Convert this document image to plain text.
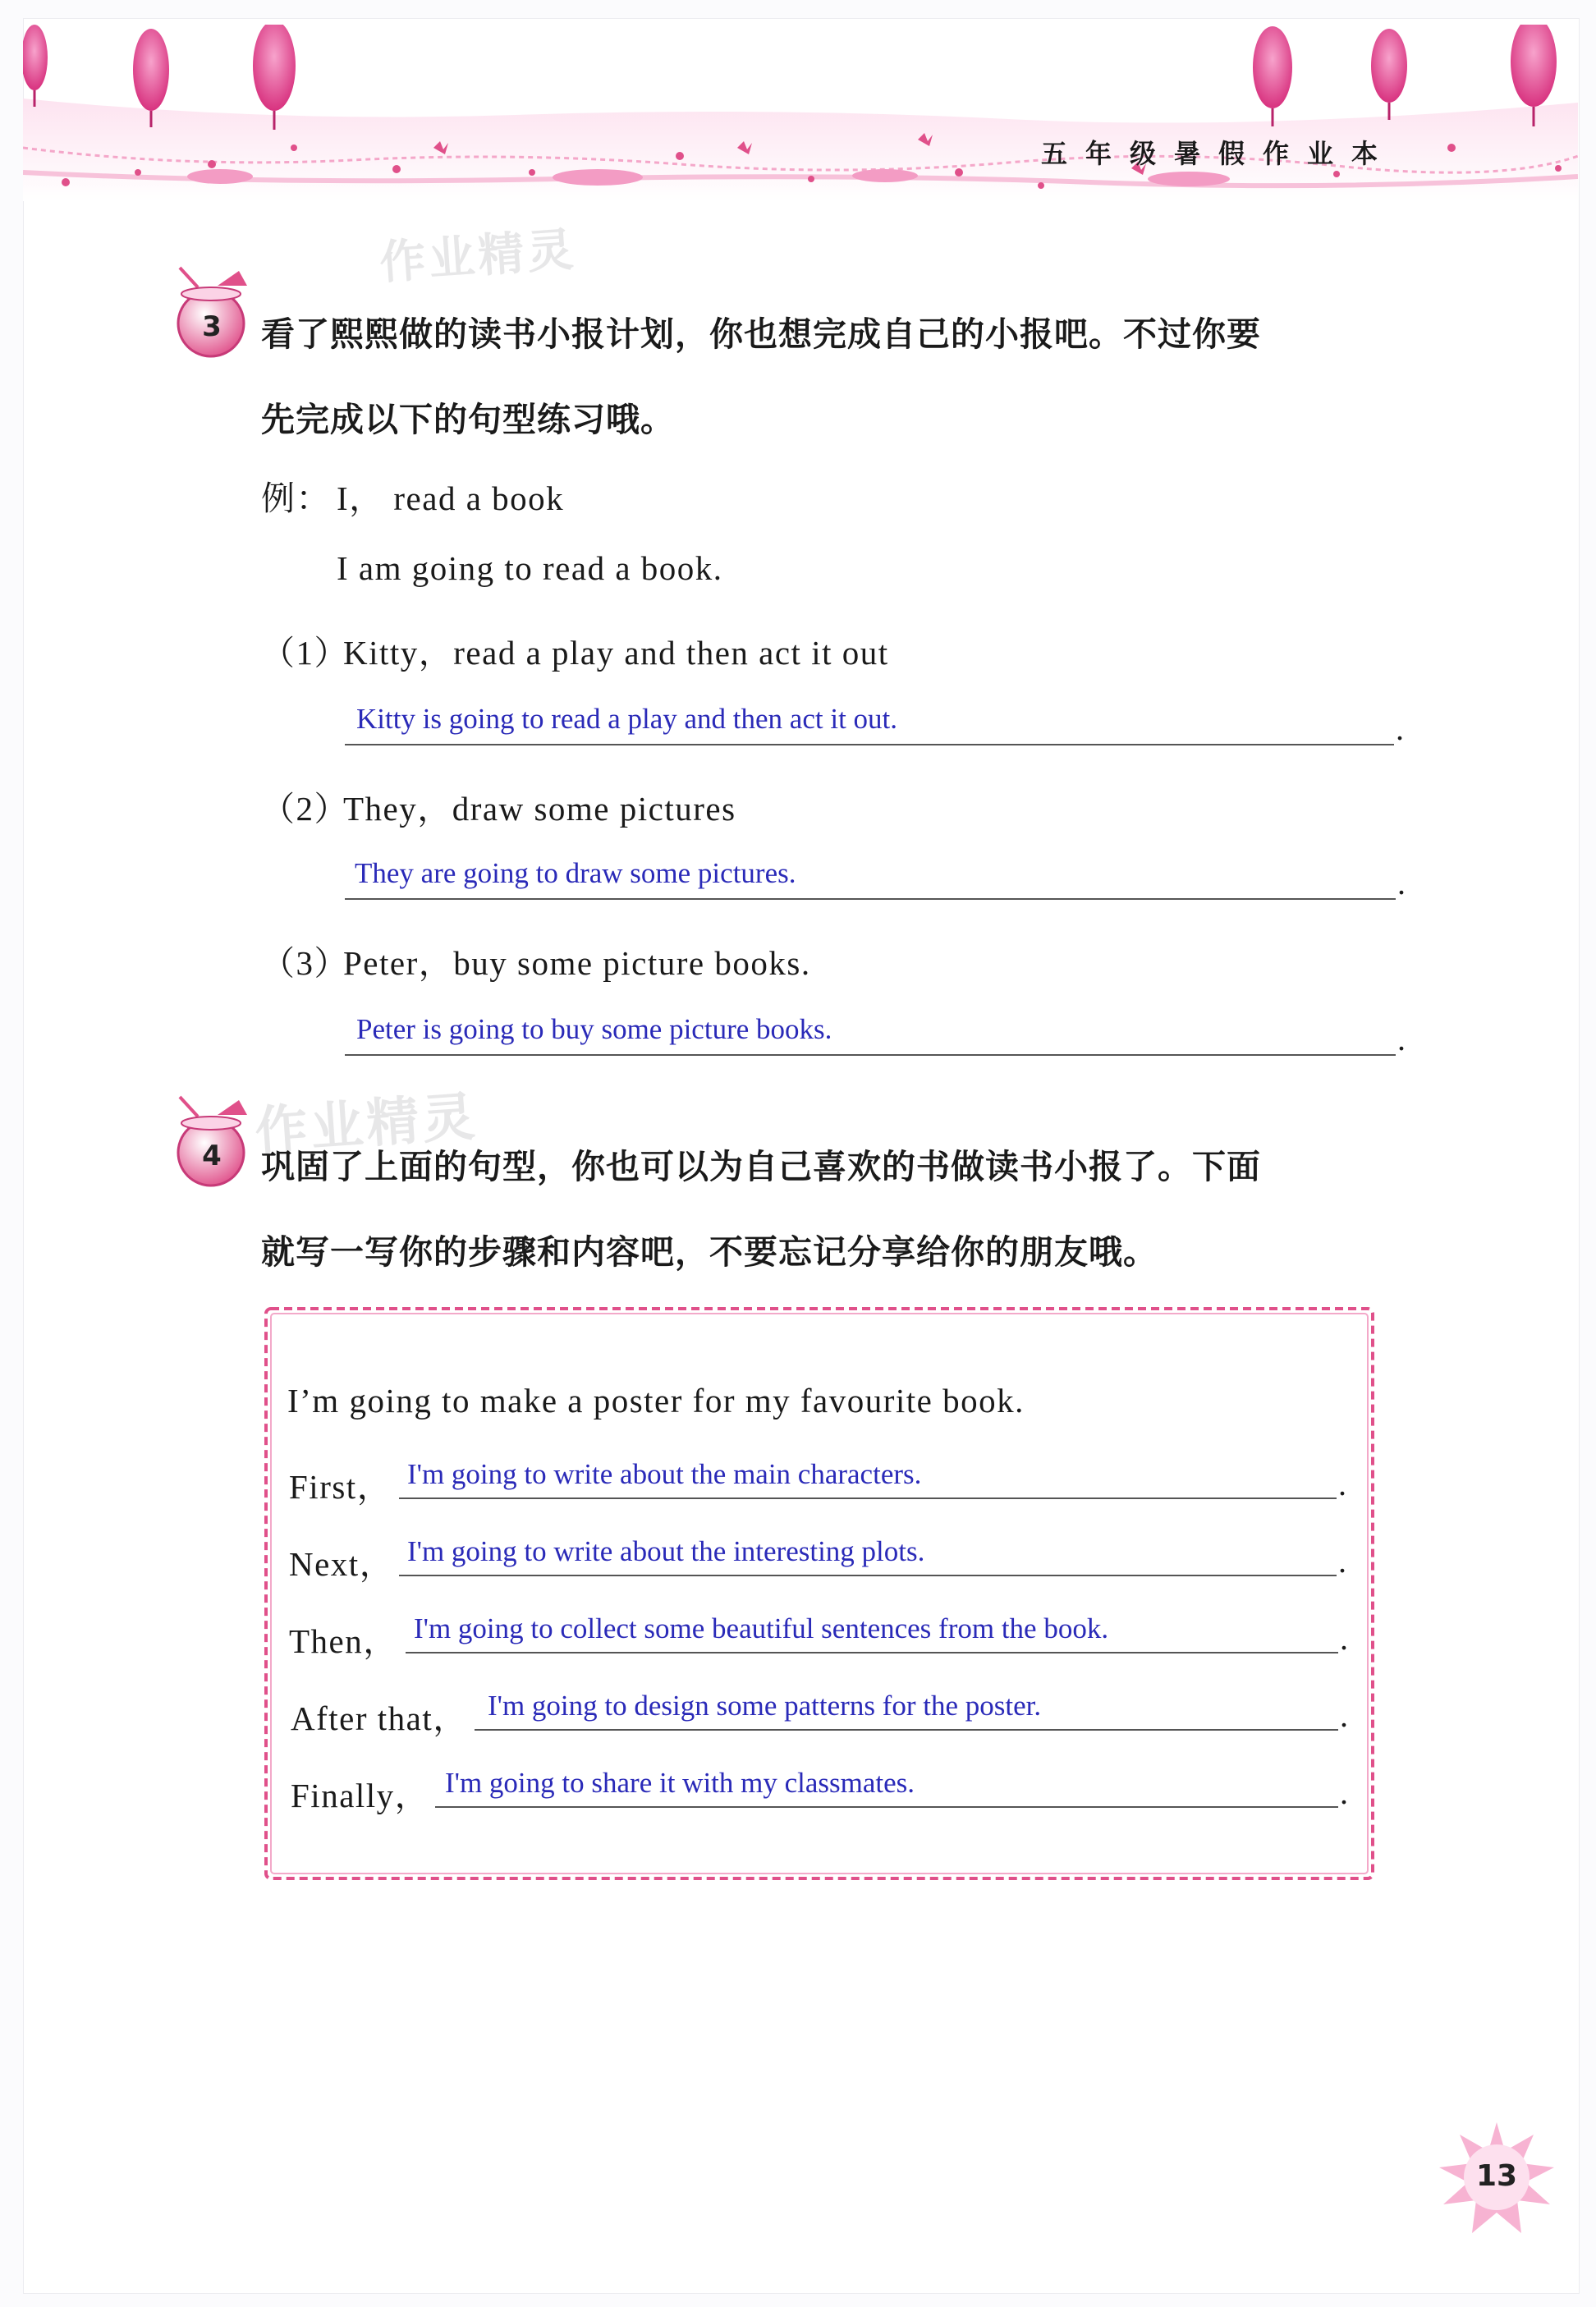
五年级暑假作业本
作业精灵
作业精灵
3 看了熙熙做的读书小报计划，你也想完成自己的小报吧。不过你要
先完成以下的句型练习哦。
例： I， read a book
I am going to read a book.
（1）Kitty，read a play and then act it out
Kitty is going to read a play and then act it out.	.
（2）They，draw some pictures
They are going to draw some pictures.	.
（3）Peter，buy some picture books.
Peter is going to buy some picture books.	.
4 巩固了上面的句型，你也可以为自己喜欢的书做读书小报了。下面
就写一写你的步骤和内容吧，不要忘记分享给你的朋友哦。
I’m going to make a poster for my favourite book.
First， I'm going to write about the main characters.	.
Next， I'm going to write about the interesting plots.	.
Then， I'm going to collect some beautiful sentences from the book.	.
After that， I'm going to design some patterns for the poster.	.
Finally， I'm going to share it with my classmates.	.
13
